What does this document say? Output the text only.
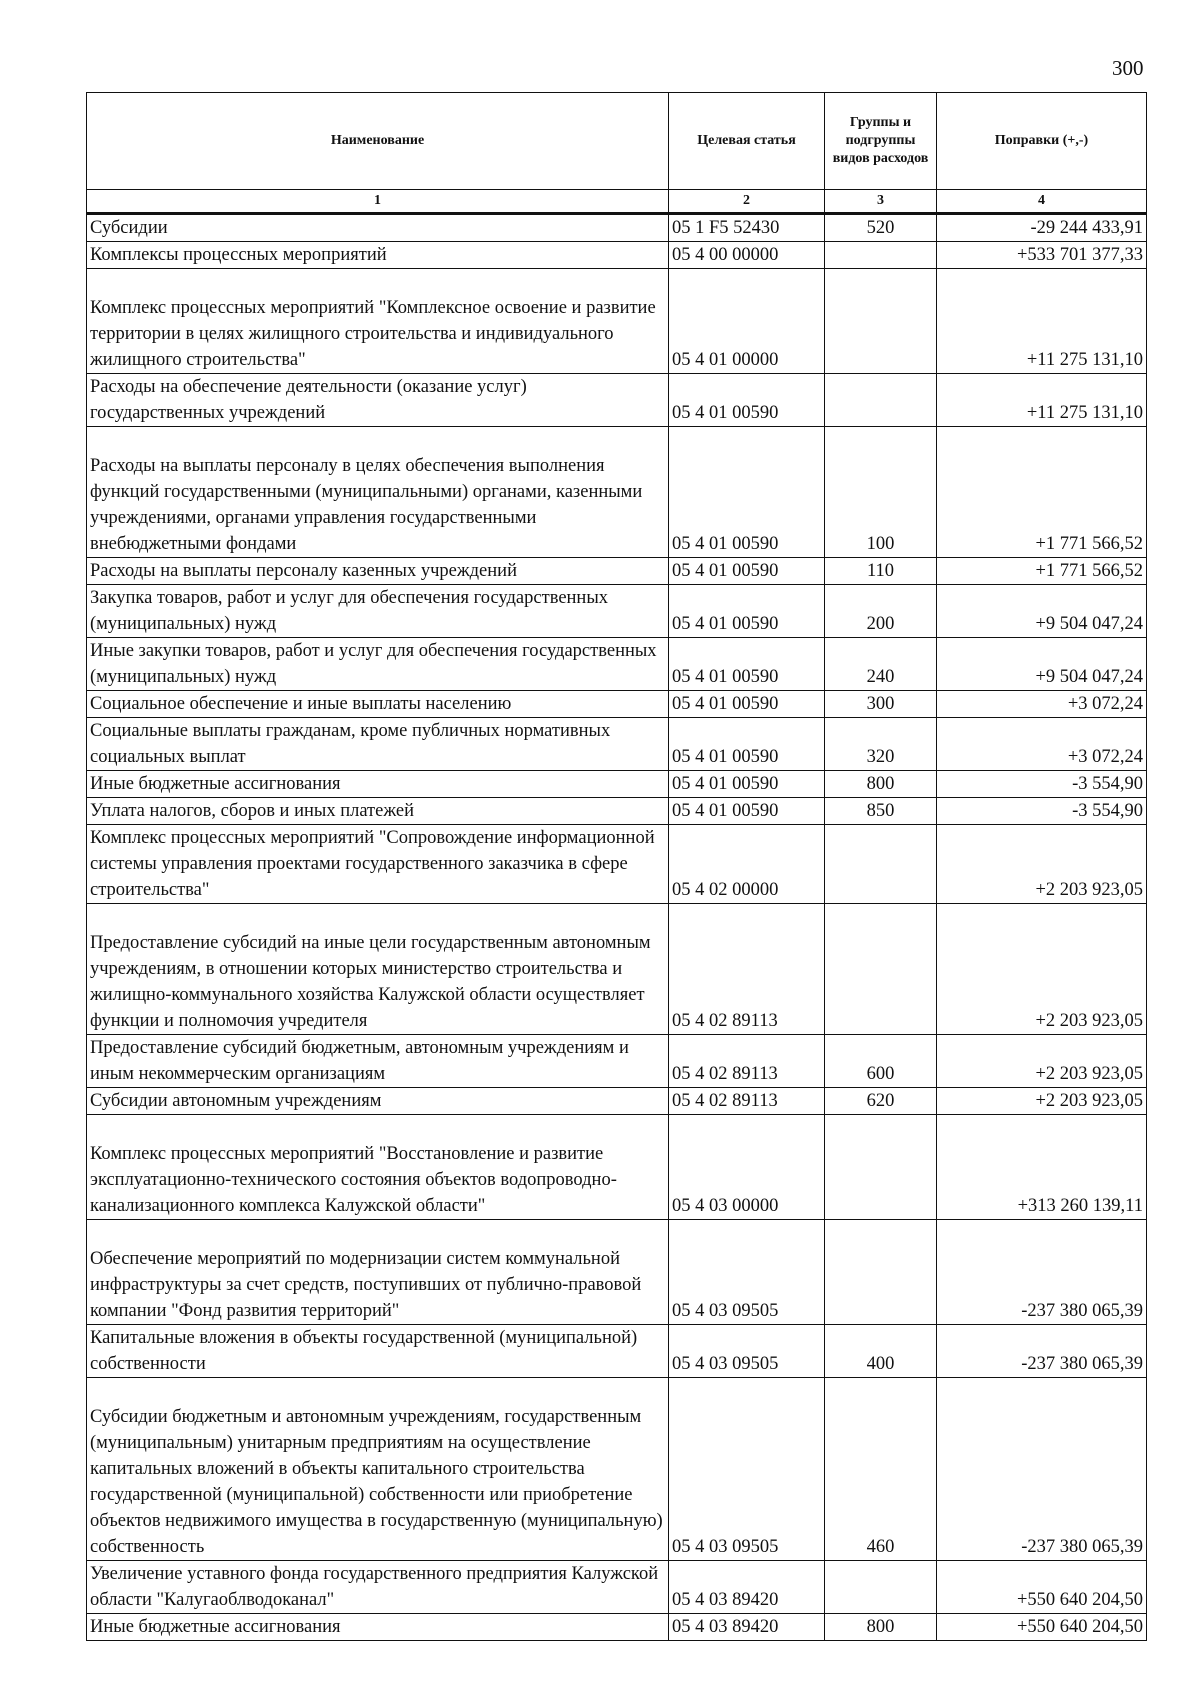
300
Наименование	Целевая статья	Группы и подгруппы видов расходов	Поправки (+,-)
1	2	3	4
Субсидии	05 1 F5 52430	520	-29 244 433,91
Комплексы процессных мероприятий	05 4 00 00000		+533 701 377,33

Комплекс процессных мероприятий "Комплексное освоение и развитие территории в целях жилищного строительства и индивидуального жилищного строительства"	05 4 01 00000		+11 275 131,10
Расходы на обеспечение деятельности (оказание услуг) государственных учреждений	05 4 01 00590		+11 275 131,10

Расходы на выплаты персоналу в целях обеспечения выполнения функций государственными (муниципальными) органами, казенными учреждениями, органами управления государственными внебюджетными фондами	05 4 01 00590	100	+1 771 566,52
Расходы на выплаты персоналу казенных учреждений	05 4 01 00590	110	+1 771 566,52
Закупка товаров, работ и услуг для обеспечения государственных (муниципальных) нужд	05 4 01 00590	200	+9 504 047,24
Иные закупки товаров, работ и услуг для обеспечения государственных (муниципальных) нужд	05 4 01 00590	240	+9 504 047,24
Социальное обеспечение и иные выплаты населению	05 4 01 00590	300	+3 072,24
Социальные выплаты гражданам, кроме публичных нормативных социальных выплат	05 4 01 00590	320	+3 072,24
Иные бюджетные ассигнования	05 4 01 00590	800	-3 554,90
Уплата налогов, сборов и иных платежей	05 4 01 00590	850	-3 554,90
Комплекс процессных мероприятий "Сопровождение информационной системы управления проектами государственного заказчика в сфере строительства"	05 4 02 00000		+2 203 923,05

Предоставление субсидий на иные цели государственным автономным учреждениям, в отношении которых министерство строительства и жилищно-коммунального хозяйства Калужской области осуществляет функции и полномочия учредителя	05 4 02 89113		+2 203 923,05
Предоставление субсидий бюджетным, автономным учреждениям и иным некоммерческим организациям	05 4 02 89113	600	+2 203 923,05
Субсидии автономным учреждениям	05 4 02 89113	620	+2 203 923,05

Комплекс процессных мероприятий "Восстановление и развитие эксплуатационно-технического состояния объектов водопроводно-канализационного комплекса Калужской области"	05 4 03 00000		+313 260 139,11

Обеспечение мероприятий по модернизации систем коммунальной инфраструктуры за счет средств, поступивших от публично-правовой компании "Фонд развития территорий"	05 4 03 09505		-237 380 065,39
Капитальные вложения в объекты государственной (муниципальной) собственности	05 4 03 09505	400	-237 380 065,39

Субсидии бюджетным и автономным учреждениям, государственным (муниципальным) унитарным предприятиям на осуществление капитальных вложений в объекты капитального строительства государственной (муниципальной) собственности или приобретение объектов недвижимого имущества в государственную (муниципальную) собственность	05 4 03 09505	460	-237 380 065,39
Увеличение уставного фонда государственного предприятия Калужской области "Калугаоблводоканал"	05 4 03 89420		+550 640 204,50
Иные бюджетные ассигнования	05 4 03 89420	800	+550 640 204,50
